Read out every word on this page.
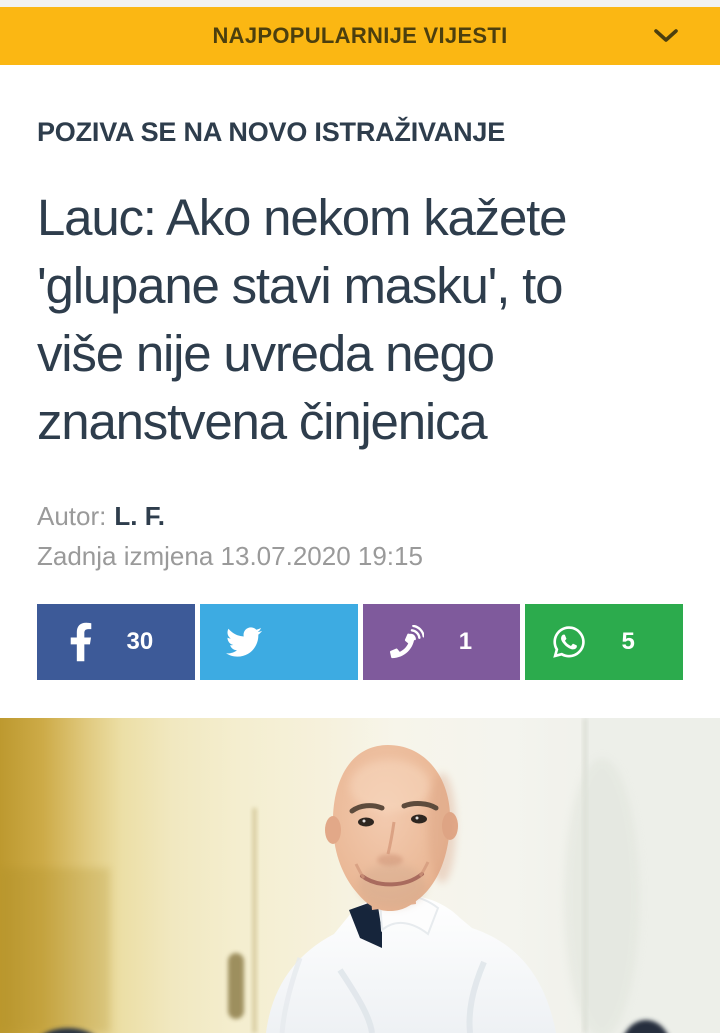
NAJPOPULARNIJE VIJESTI
POZIVA SE NA NOVO ISTRAŽIVANJE
Lauc: Ako nekom kažete
'glupane stavi masku', to
više nije uvreda nego
znanstvena činjenica
Autor: L. F.
Zadnja izmjena 13.07.2020 19:15
30	1	5
